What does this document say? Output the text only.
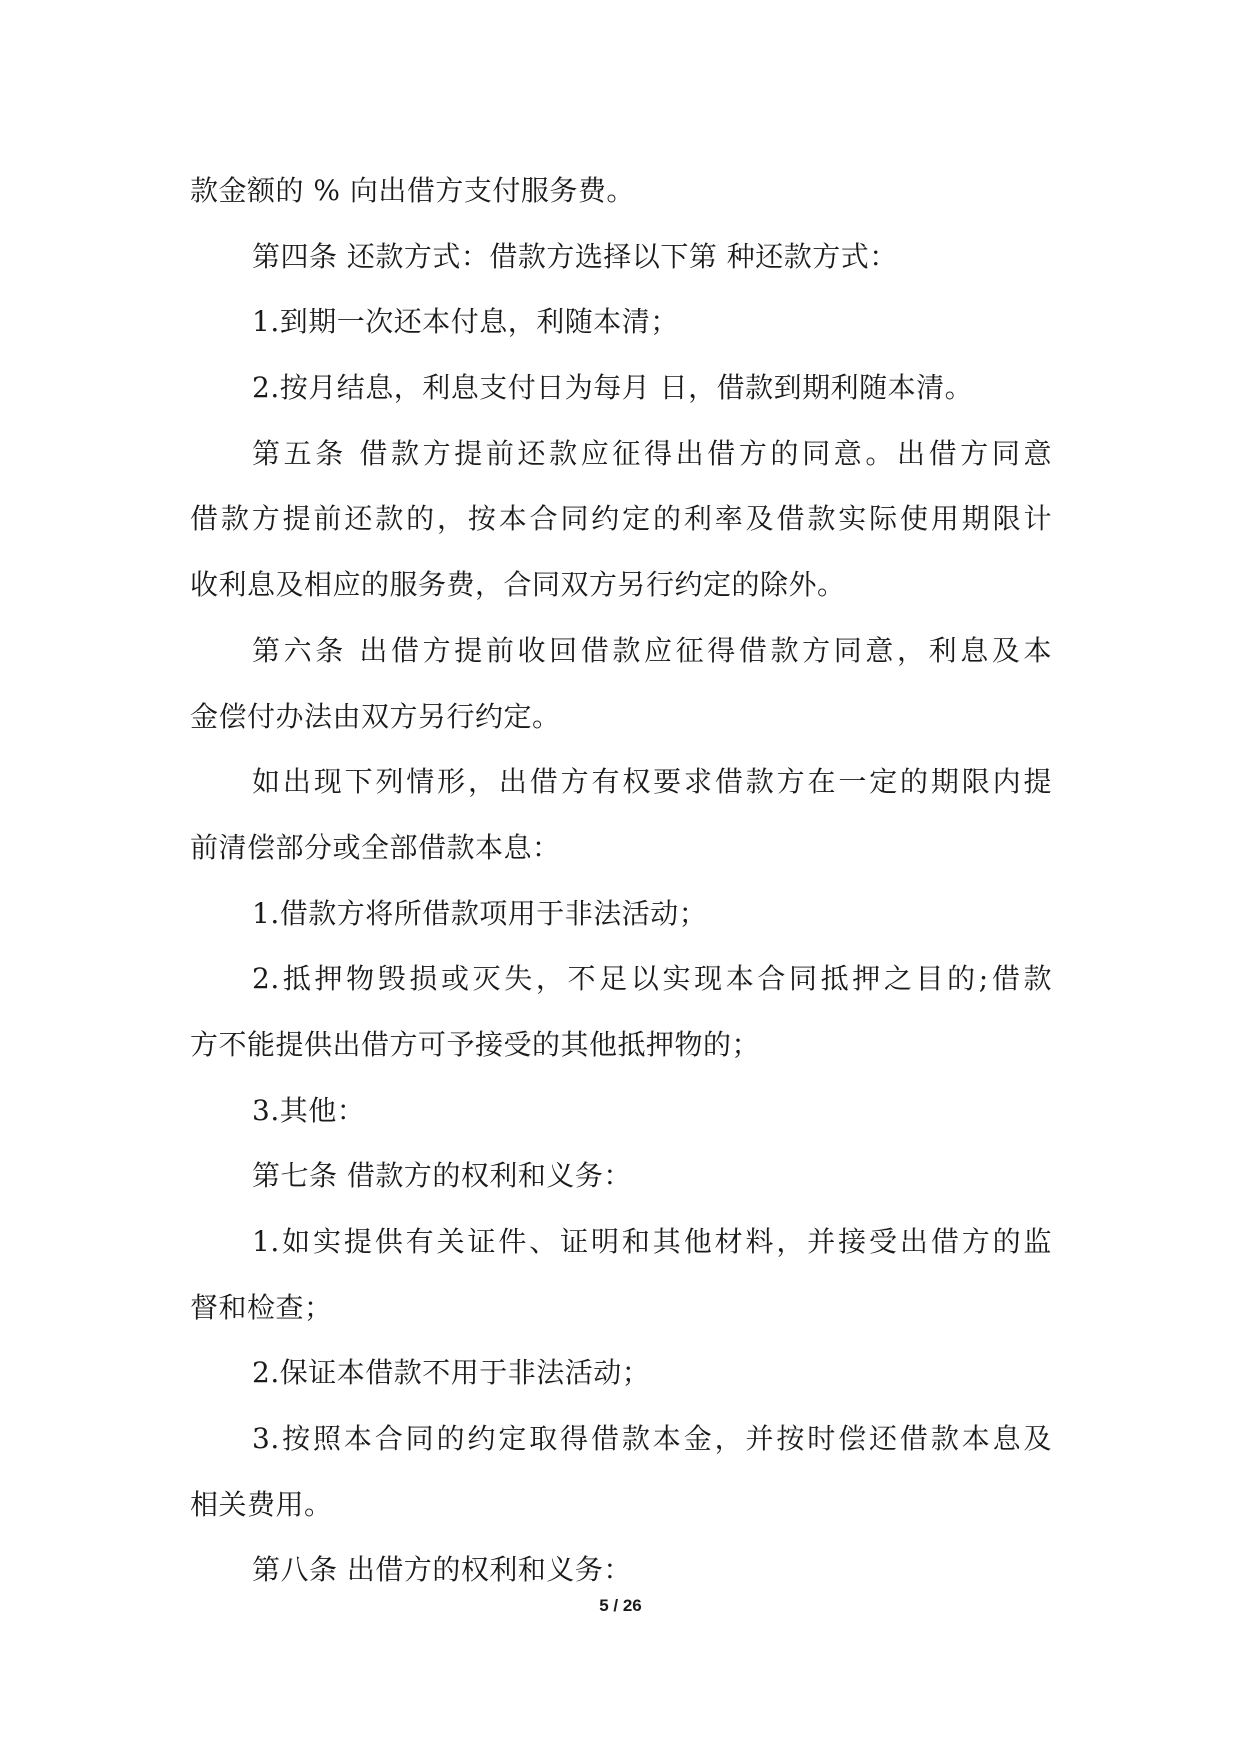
款金额的 % 向出借方支付服务费。
第四条 还款方式：借款方选择以下第 种还款方式：
1.到期一次还本付息，利随本清；
2.按月结息，利息支付日为每月 日，借款到期利随本清。
第五条 借款方提前还款应征得出借方的同意。出借方同意
借款方提前还款的，按本合同约定的利率及借款实际使用期限计
收利息及相应的服务费，合同双方另行约定的除外。
第六条 出借方提前收回借款应征得借款方同意，利息及本
金偿付办法由双方另行约定。
如出现下列情形，出借方有权要求借款方在一定的期限内提
前清偿部分或全部借款本息：
1.借款方将所借款项用于非法活动；
2.抵押物毁损或灭失，不足以实现本合同抵押之目的;借款
方不能提供出借方可予接受的其他抵押物的；
3.其他：
第七条 借款方的权利和义务：
1.如实提供有关证件、证明和其他材料，并接受出借方的监
督和检查；
2.保证本借款不用于非法活动；
3.按照本合同的约定取得借款本金，并按时偿还借款本息及
相关费用。
第八条 出借方的权利和义务：
5 / 26
